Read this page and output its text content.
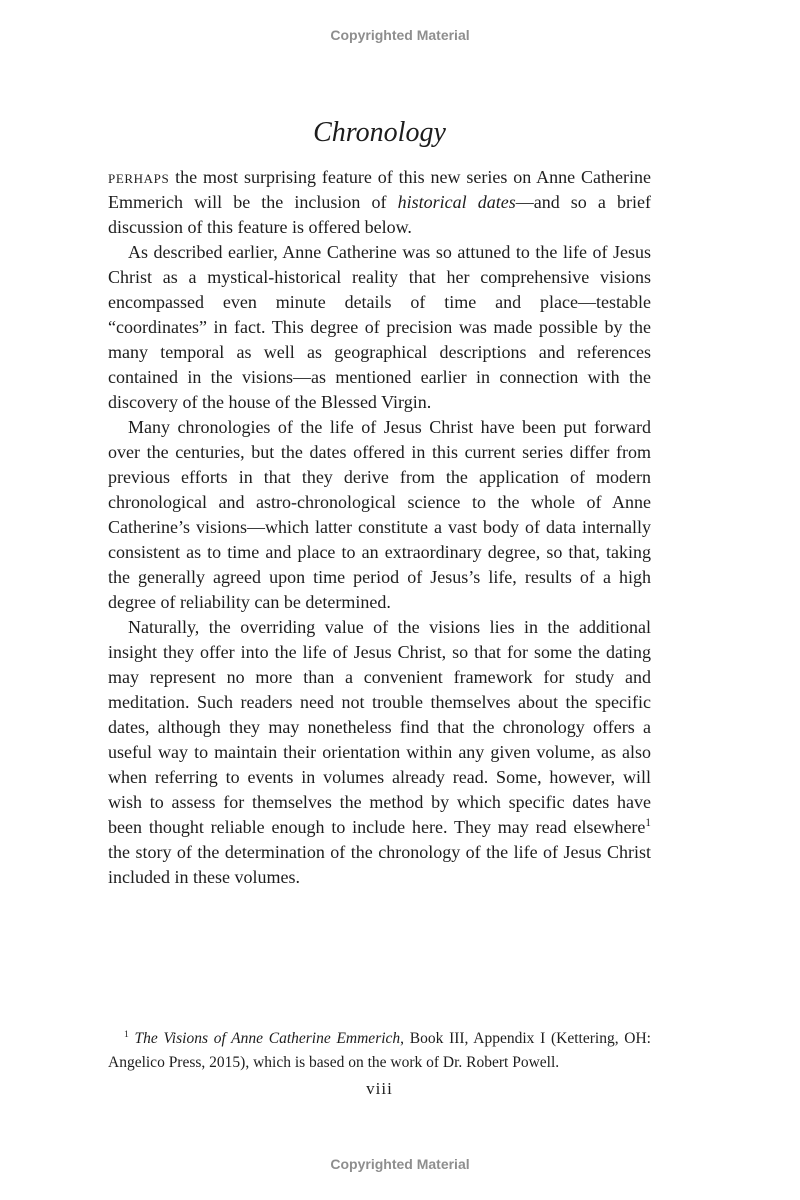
Copyrighted Material
Chronology

Perhaps the most surprising feature of this new series on Anne Catherine Emmerich will be the inclusion of historical dates—and so a brief discussion of this feature is offered below.

As described earlier, Anne Catherine was so attuned to the life of Jesus Christ as a mystical-historical reality that her comprehensive visions encompassed even minute details of time and place—testable “coordinates” in fact. This degree of precision was made possible by the many temporal as well as geographical descriptions and references contained in the visions—as mentioned earlier in connection with the discovery of the house of the Blessed Virgin.

Many chronologies of the life of Jesus Christ have been put forward over the centuries, but the dates offered in this current series differ from previous efforts in that they derive from the application of modern chronological and astro-chronological science to the whole of Anne Catherine’s visions—which latter constitute a vast body of data internally consistent as to time and place to an extraordinary degree, so that, taking the generally agreed upon time period of Jesus’s life, results of a high degree of reliability can be determined.

Naturally, the overriding value of the visions lies in the additional insight they offer into the life of Jesus Christ, so that for some the dating may represent no more than a convenient framework for study and meditation. Such readers need not trouble themselves about the specific dates, although they may nonetheless find that the chronology offers a useful way to maintain their orientation within any given volume, as also when referring to events in volumes already read. Some, however, will wish to assess for themselves the method by which specific dates have been thought reliable enough to include here. They may read elsewhere$^1$ the story of the determination of the chronology of the life of Jesus Christ included in these volumes.

$^1$ The Visions of Anne Catherine Emmerich, Book III, Appendix I (Kettering, OH: Angelico Press, 2015), which is based on the work of Dr. Robert Powell.

viii
Copyrighted Material
